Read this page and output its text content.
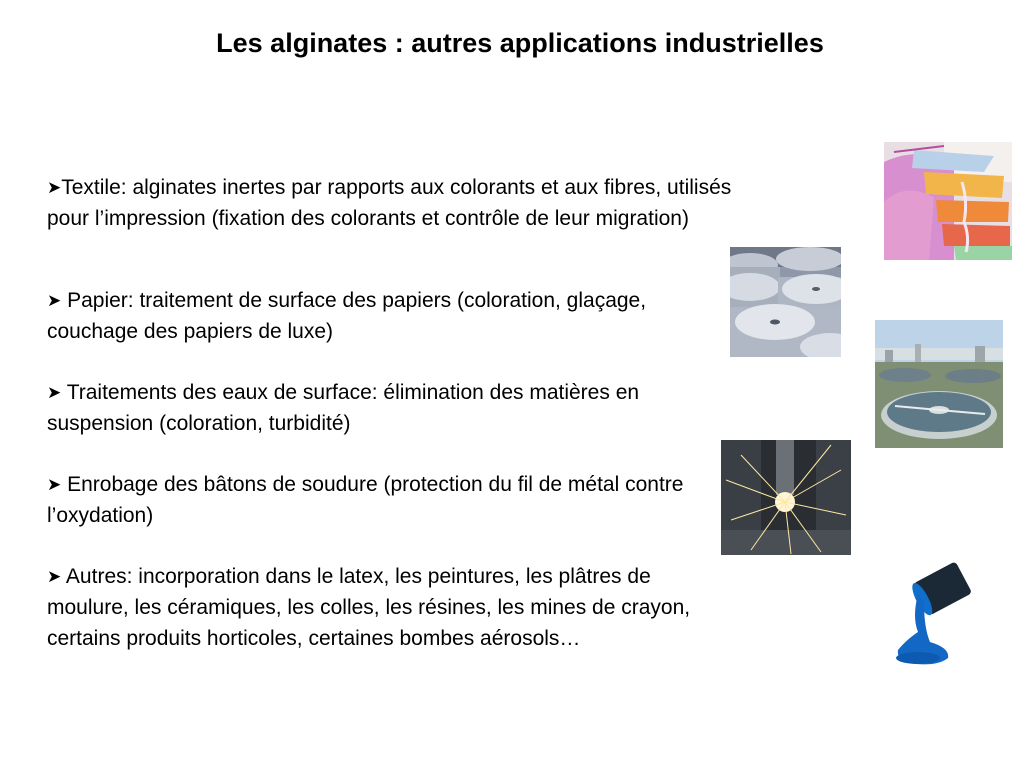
Les alginates : autres applications industrielles
➤Textile: alginates inertes par rapports aux colorants et aux fibres, utilisés pour l’impression (fixation des colorants et contrôle de leur migration)
➤ Papier: traitement de surface des papiers (coloration, glaçage, couchage des papiers de luxe)
➤ Traitements des eaux de surface: élimination des matières en suspension (coloration, turbidité)
➤ Enrobage des bâtons de soudure (protection du fil de métal contre l’oxydation)
➤ Autres: incorporation dans le latex, les peintures, les plâtres de moulure, les céramiques, les colles, les résines, les mines de crayon, certains produits horticoles, certaines bombes aérosols…
